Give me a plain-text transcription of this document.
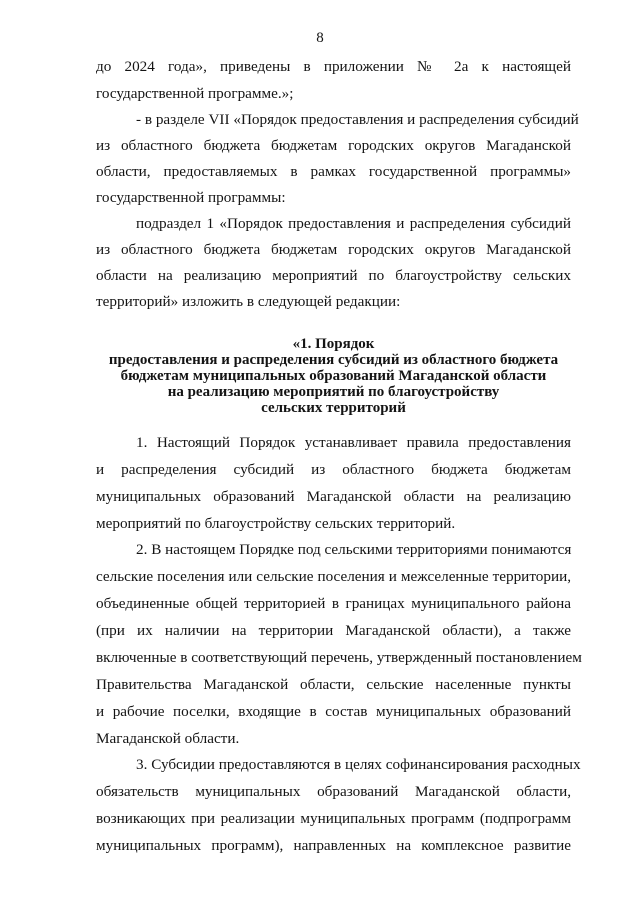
8
до 2024 года», приведены в приложении № 2а к настоящей
государственной программе.»;
- в разделе VII «Порядок предоставления и распределения субсидий
из областного бюджета бюджетам городских округов Магаданской
области, предоставляемых в рамках государственной программы»
государственной программы:
подраздел 1 «Порядок предоставления и распределения субсидий
из областного бюджета бюджетам городских округов Магаданской
области на реализацию мероприятий по благоустройству сельских
территорий» изложить в следующей редакции:
«1. Порядок
предоставления и распределения субсидий из областного бюджета
бюджетам муниципальных образований Магаданской области
на реализацию мероприятий по благоустройству
сельских территорий
1. Настоящий Порядок устанавливает правила предоставления
и распределения субсидий из областного бюджета бюджетам
муниципальных образований Магаданской области на реализацию
мероприятий по благоустройству сельских территорий.
2. В настоящем Порядке под сельскими территориями понимаются
сельские поселения или сельские поселения и межселенные территории,
объединенные общей территорией в границах муниципального района
(при их наличии на территории Магаданской области), а также
включенные в соответствующий перечень, утвержденный постановлением
Правительства Магаданской области, сельские населенные пункты
и рабочие поселки, входящие в состав муниципальных образований
Магаданской области.
3. Субсидии предоставляются в целях софинансирования расходных
обязательств муниципальных образований Магаданской области,
возникающих при реализации муниципальных программ (подпрограмм
муниципальных программ), направленных на комплексное развитие
